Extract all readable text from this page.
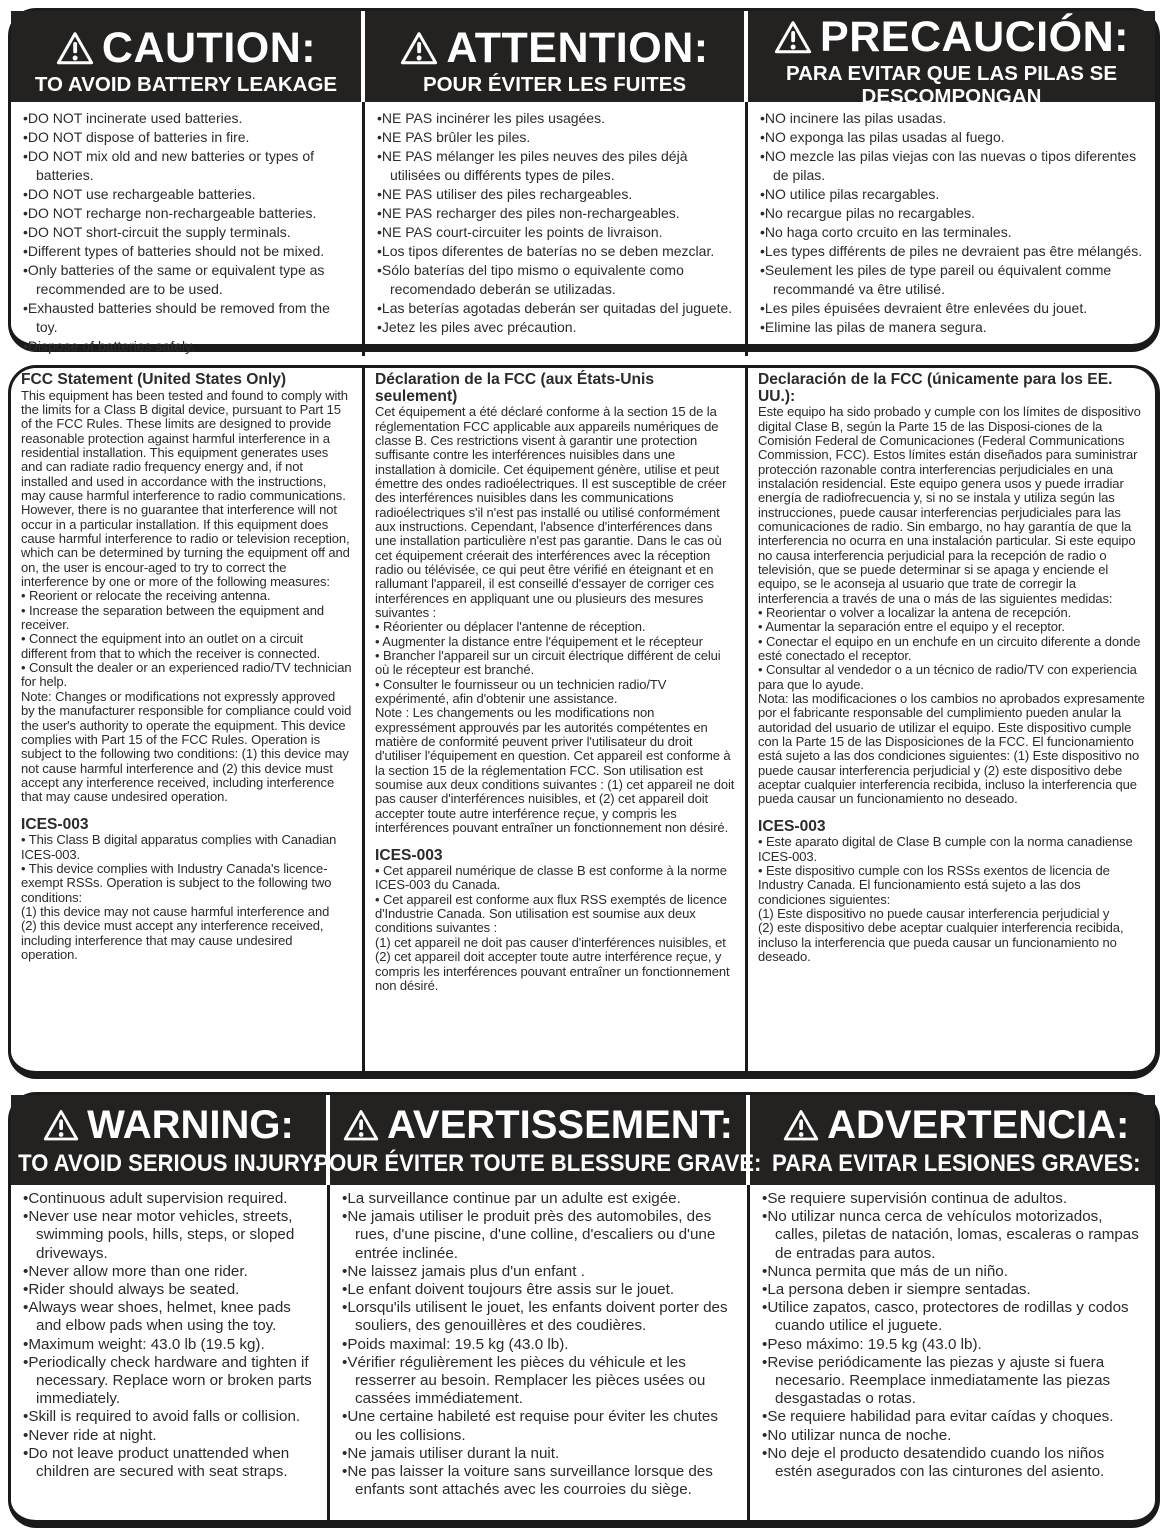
CAUTION:
TO AVOID BATTERY LEAKAGE
ATTENTION:
POUR ÉVITER LES FUITES
PRECAUCIÓN:
PARA EVITAR QUE LAS PILAS SE DESCOMPONGAN
• DO NOT incinerate used batteries.
• DO NOT dispose of batteries in fire.
• DO NOT mix old and new batteries or types of batteries.
• DO NOT use rechargeable batteries.
• DO NOT recharge non-rechargeable batteries.
• DO NOT short-circuit the supply terminals.
• Different types of batteries should not be mixed.
• Only batteries of the same or equivalent type as recommended are to be used.
• Exhausted batteries should be removed from the toy.
• Dispose of batteries safely.
• NE PAS incinérer les piles usagées.
• NE PAS brûler les piles.
• NE PAS mélanger les piles neuves des piles déjà utilisées ou différents types de piles.
• NE PAS utiliser des piles rechargeables.
• NE PAS recharger des piles non-rechargeables.
• NE PAS court-circuiter les points de livraison.
• Los tipos diferentes de baterías no se deben mezclar.
• Sólo baterías del tipo mismo o equivalente como recomendado deberán se utilizadas.
• Las beterías agotadas deberán ser quitadas del juguete.
• Jetez les piles avec précaution.
• NO incinere las pilas usadas.
• NO exponga las pilas usadas al fuego.
• NO mezcle las pilas viejas con las nuevas o tipos diferentes de pilas.
• NO utilice pilas recargables.
• No recargue pilas no recargables.
• No haga corto crcuito en las terminales.
• Les types différents de piles ne devraient pas être mélangés.
• Seulement les piles de type pareil ou équivalent comme recommandé va être utilisé.
• Les piles épuisées devraient être enlevées du jouet.
• Elimine las pilas de manera segura.

FCC Statement (United States Only)

This equipment has been tested and found to comply with the limits for a Class B digital device, pursuant to Part 15 of the FCC Rules. These limits are designed to provide reasonable protection against harmful interference in a residential installation. This equipment generates uses and can radiate radio frequency energy and, if not installed and used in accordance with the instructions, may cause harmful interference to radio communications. However, there is no guarantee that interference will not occur in a particular installation. If this equipment does cause harmful interference to radio or television reception, which can be determined by turning the equipment off and on, the user is encour-aged to try to correct the interference by one or more of the following measures:

• Reorient or relocate the receiving antenna.

• Increase the separation between the equipment and receiver.

• Connect the equipment into an outlet on a circuit different from that to which the receiver is connected.

• Consult the dealer or an experienced radio/TV technician for help.

Note: Changes or modifications not expressly approved by the manufacturer responsible for compliance could void the user's authority to operate the equipment. This device complies with Part 15 of the FCC Rules. Operation is subject to the following two conditions: (1) this device may not cause harmful interference and (2) this device must accept any interference received, including interference that may cause undesired operation.

ICES-003

• This Class B digital apparatus complies with Canadian ICES-003.

• This device complies with Industry Canada's licence-exempt RSSs. Operation is subject to the following two conditions:

(1) this device may not cause harmful interference and

(2) this device must accept any interference received, including interference that may cause undesired operation.

Déclaration de la FCC (aux États-Unis seulement)

Cet équipement a été déclaré conforme à la section 15 de la réglementation FCC applicable aux appareils numériques de classe B. Ces restrictions visent à garantir une protection suffisante contre les interférences nuisibles dans une installation à domicile. Cet équipement génère, utilise et peut émettre des ondes radioélectriques. Il est susceptible de créer des interférences nuisibles dans les communications radioélectriques s'il n'est pas installé ou utilisé conformément aux instructions. Cependant, l'absence d'interférences dans une installation particulière n'est pas garantie. Dans le cas où cet équipement créerait des interférences avec la réception radio ou télévisée, ce qui peut être vérifié en éteignant et en rallumant l'appareil, il est conseillé d'essayer de corriger ces interférences en appliquant une ou plusieurs des mesures suivantes :

• Réorienter ou déplacer l'antenne de réception.

• Augmenter la distance entre l'équipement et le récepteur

• Brancher l'appareil sur un circuit électrique différent de celui où le récepteur est branché.

• Consulter le fournisseur ou un technicien radio/TV expérimenté, afin d'obtenir une assistance.

Note : Les changements ou les modifications non expressément approuvés par les autorités compétentes en matière de conformité peuvent priver l'utilisateur du droit d'utiliser l'équipement en question. Cet appareil est conforme à la section 15 de la réglementation FCC. Son utilisation est soumise aux deux conditions suivantes : (1) cet appareil ne doit pas causer d'interférences nuisibles, et (2) cet appareil doit accepter toute autre interférence reçue, y compris les interférences pouvant entraîner un fonctionnement non désiré.

ICES-003

• Cet appareil numérique de classe B est conforme à la norme ICES-003 du Canada.

• Cet appareil est conforme aux flux RSS exemptés de licence d'Industrie Canada. Son utilisation est soumise aux deux conditions suivantes :

(1) cet appareil ne doit pas causer d'interférences nuisibles, et

(2) cet appareil doit accepter toute autre interférence reçue, y compris les interférences pouvant entraîner un fonctionnement non désiré.

Declaración de la FCC (únicamente para los EE. UU.):

Este equipo ha sido probado y cumple con los límites de dispositivo digital Clase B, según la Parte 15 de las Disposi-ciones de la Comisión Federal de Comunicaciones (Federal Communications Commission, FCC). Estos límites están diseñados para suministrar protección razonable contra interferencias perjudiciales en una instalación residencial. Este equipo genera usos y puede irradiar energía de radiofrecuencia y, si no se instala y utiliza según las instrucciones, puede causar interferencias perjudiciales para las comunicaciones de radio. Sin embargo, no hay garantía de que la interferencia no ocurra en una instalación particular. Si este equipo no causa interferencia perjudicial para la recepción de radio o televisión, que se puede determinar si se apaga y enciende el equipo, se le aconseja al usuario que trate de corregir la interferencia a través de una o más de las siguientes medidas:

• Reorientar o volver a localizar la antena de recepción.

• Aumentar la separación entre el equipo y el receptor.

• Conectar el equipo en un enchufe en un circuito diferente a donde esté conectado el receptor.

• Consultar al vendedor o a un técnico de radio/TV con experiencia para que lo ayude.

Nota: las modificaciones o los cambios no aprobados expresamente por el fabricante responsable del cumplimiento pueden anular la autoridad del usuario de utilizar el equipo. Este dispositivo cumple con la Parte 15 de las Disposiciones de la FCC. El funcionamiento está sujeto a las dos condiciones siguientes: (1) Este dispositivo no puede causar interferencia perjudicial y (2) este dispositivo debe aceptar cualquier interferencia recibida, incluso la interferencia que pueda causar un funcionamiento no deseado.

ICES-003

• Este aparato digital de Clase B cumple con la norma canadiense ICES-003.

• Este dispositivo cumple con los RSSs exentos de licencia de Industry Canada. El funcionamiento está sujeto a las dos condiciones siguientes:

(1) Este dispositivo no puede causar interferencia perjudicial y

(2) este dispositivo debe aceptar cualquier interferencia recibida, incluso la interferencia que pueda causar un funcionamiento no deseado.

WARNING:
TO AVOID SERIOUS INJURY:
AVERTISSEMENT:
POUR ÉVITER TOUTE BLESSURE GRAVE:
ADVERTENCIA:
PARA EVITAR LESIONES GRAVES:
• Continuous adult supervision required.
• Never use near motor vehicles, streets, swimming pools, hills, steps, or sloped driveways.
• Never allow more than one rider.
• Rider should always be seated.
• Always wear shoes, helmet, knee pads and elbow pads when using the toy.
• Maximum weight: 43.0 lb (19.5 kg).
• Periodically check hardware and tighten if necessary. Replace worn or broken parts immediately.
• Skill is required to avoid falls or collision.
• Never ride at night.
• Do not leave product unattended when children are secured with seat straps.
• La surveillance continue par un adulte est exigée.
• Ne jamais utiliser le produit près des automobiles, des rues, d'une piscine, d'une colline, d'escaliers ou d'une entrée inclinée.
• Ne laissez jamais plus d'un enfant .
• Le enfant doivent toujours être assis sur le jouet.
• Lorsqu'ils utilisent le jouet, les enfants doivent porter des souliers, des genouillères et des coudières.
• Poids maximal: 19.5 kg (43.0 lb).
• Vérifier régulièrement les pièces du véhicule et les resserrer au besoin. Remplacer les pièces usées ou cassées immédiatement.
• Une certaine habileté est requise pour éviter les chutes ou les collisions.
• Ne jamais utiliser durant la nuit.
• Ne pas laisser la voiture sans surveillance lorsque des enfants sont attachés avec les courroies du siège.
• Se requiere supervisión continua de adultos.
• No utilizar nunca cerca de vehículos motorizados, calles, piletas de natación, lomas, escaleras o rampas de entradas para autos.
• Nunca permita que más de un niño.
• La persona deben ir siempre sentadas.
• Utilice zapatos, casco, protectores de rodillas y codos cuando utilice el juguete.
• Peso máximo: 19.5 kg (43.0 lb).
• Revise periódicamente las piezas y ajuste si fuera necesario. Reemplace inmediatamente las piezas desgastadas o rotas.
• Se requiere habilidad para evitar caídas y choques.
• No utilizar nunca de noche.
• No deje el producto desatendido cuando los niños estén asegurados con las cinturones del asiento.
